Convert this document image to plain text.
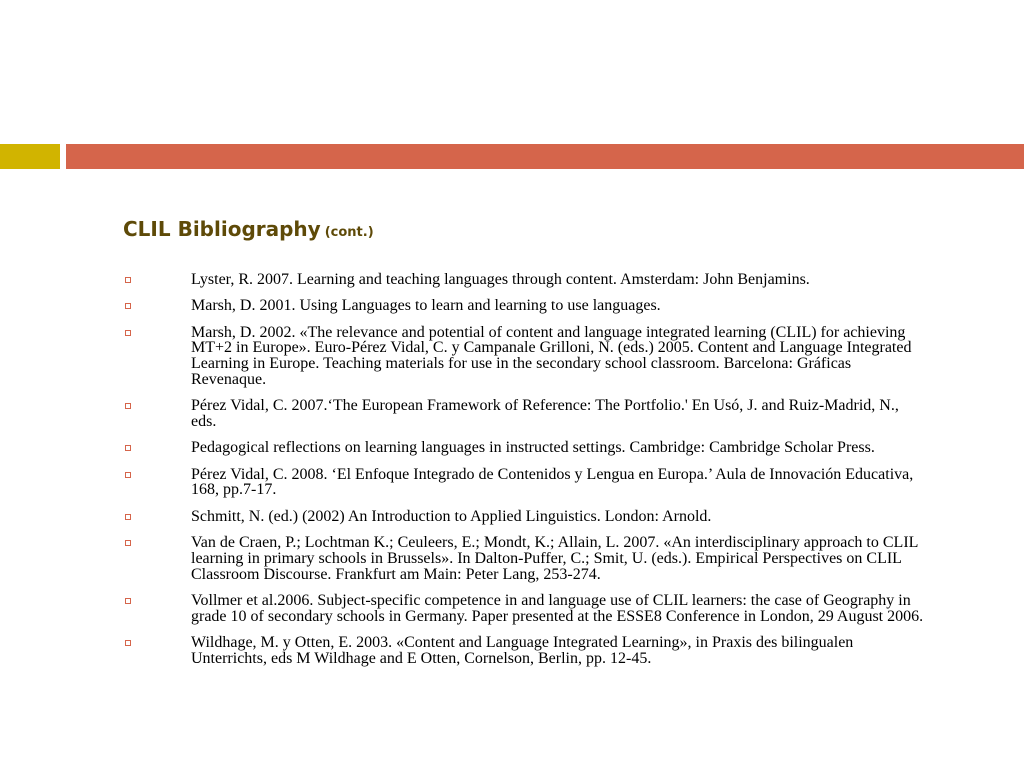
CLIL Bibliography (cont.)
Lyster, R. 2007. Learning and teaching languages through content. Amsterdam: John Benjamins.
Marsh, D. 2001. Using Languages to learn and learning to use languages.
Marsh, D. 2002. «The relevance and potential of content and language integrated learning (CLIL) for achieving MT+2 in Europe». Euro-Pérez Vidal, C. y Campanale Grilloni, N. (eds.) 2005. Content and Language Integrated Learning in Europe. Teaching materials for use in the secondary school classroom. Barcelona: Gráficas Revenaque.
Pérez Vidal, C. 2007.‘The European Framework of Reference: The Portfolio.' En Usó, J. and Ruiz-Madrid, N., eds.
Pedagogical reflections on learning languages in instructed settings. Cambridge: Cambridge Scholar Press.
Pérez Vidal, C. 2008. ‘El Enfoque Integrado de Contenidos y Lengua en Europa.’ Aula de Innovación Educativa, 168, pp.7-17.
Schmitt, N. (ed.) (2002) An Introduction to Applied Linguistics. London: Arnold.
Van de Craen, P.; Lochtman K.; Ceuleers, E.; Mondt, K.; Allain, L. 2007. «An interdisciplinary approach to CLIL learning in primary schools in Brussels». In Dalton-Puffer, C.; Smit, U. (eds.). Empirical Perspectives on CLIL Classroom Discourse. Frankfurt am Main: Peter Lang, 253-274.
Vollmer et al.2006. Subject-specific competence in and language use of CLIL learners: the case of Geography in grade 10 of secondary schools in Germany. Paper presented at the ESSE8 Conference in London, 29 August 2006.
Wildhage, M. y Otten, E. 2003. «Content and Language Integrated Learning», in Praxis des bilingualen Unterrichts, eds M Wildhage and E Otten, Cornelson, Berlin, pp. 12-45.
